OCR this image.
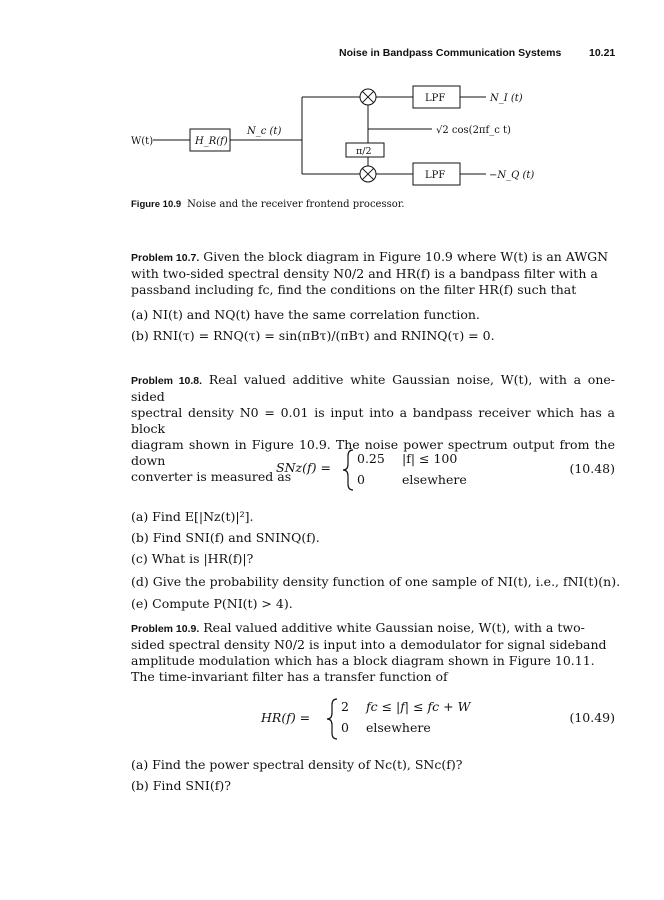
Noise in Bandpass Communication Systems	10.21
W(t)	H_R(f)
N_c (t)
LPF
LPF
N_I (t)
−N_Q (t)
√2 cos(2πf_c t)
π/2
Figure 10.9 Noise and the receiver frontend processor.
Problem 10.7. Given the block diagram in Figure 10.9 where W(t) is an AWGN
with two-sided spectral density N0/2 and HR(f) is a bandpass filter with a
passband including fc, find the conditions on the filter HR(f) such that
(a) NI(t) and NQ(t) have the same correlation function.
(b) RNI(τ) = RNQ(τ) = sin(πBτ)/(πBτ) and RNINQ(τ) = 0.
Problem 10.8. Real valued additive white Gaussian noise, W(t), with a one-sided
spectral density N0 = 0.01 is input into a bandpass receiver which has a block
diagram shown in Figure 10.9. The noise power spectrum output from the down
converter is measured as
SNz(f) =
0.25 |f| ≤ 100
0	elsewhere
(10.48)
(a) Find E[|Nz(t)|²].
(b) Find SNI(f) and SNINQ(f).
(c) What is |HR(f)|?
(d) Give the probability density function of one sample of NI(t), i.e., fNI(t)(n).
(e) Compute P(NI(t) > 4).
Problem 10.9. Real valued additive white Gaussian noise, W(t), with a two-
sided spectral density N0/2 is input into a demodulator for signal sideband
amplitude modulation which has a block diagram shown in Figure 10.11.
The time-invariant filter has a transfer function of
HR(f) =
2 fc ≤ |f| ≤ fc + W
0 elsewhere
(10.49)
(a) Find the power spectral density of Nc(t), SNc(f)?
(b) Find SNI(f)?
